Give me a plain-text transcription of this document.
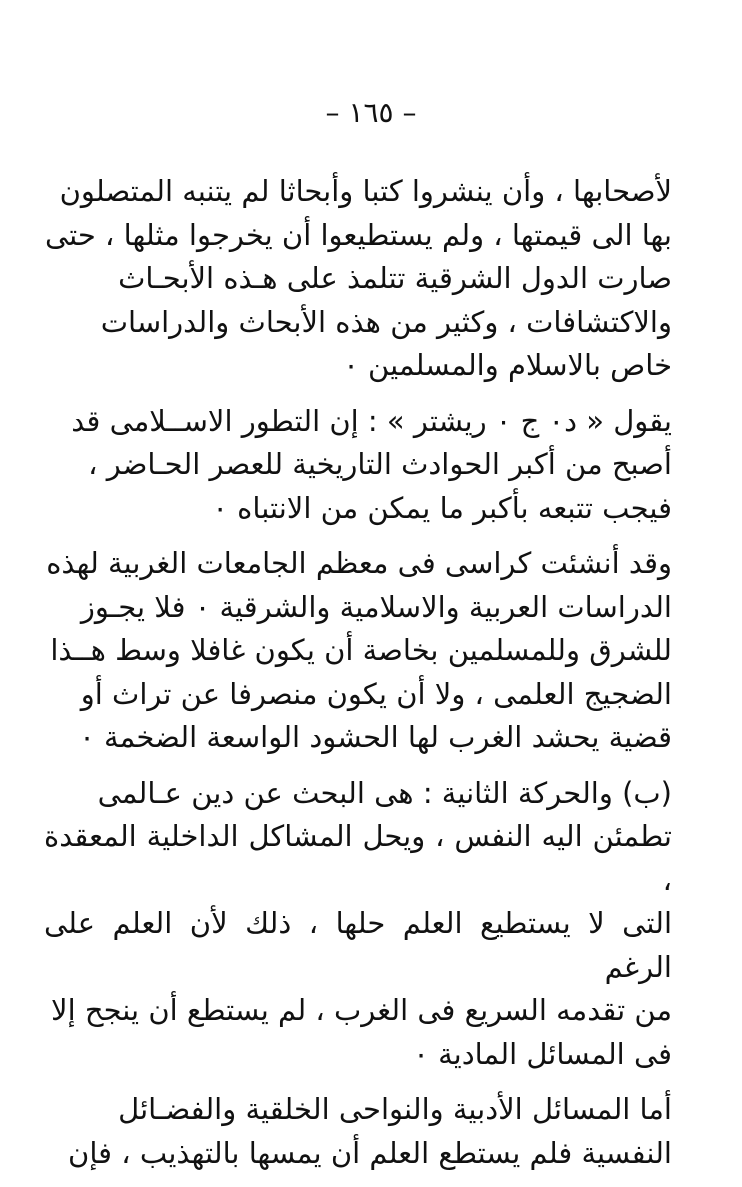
– ١٦٥ –

لأصحابها ، وأن ينشروا كتبا وأبحاثا لم يتنبه المتصلون
بها الى قيمتها ، ولم يستطيعوا أن يخرجوا مثلها ، حتى
صارت الدول الشرقية تتلمذ على هـذه الأبحـاث
والاكتشافات ، وكثير من هذه الأبحاث والدراسات
خاص بالاسلام والمسلمين ٠

يقول « د٠ ج ٠ ريشتر » : إن التطور الاســلامى قد
أصبح من أكبر الحوادث التاريخية للعصر الحـاضر ،
فيجب تتبعه بأكبر ما يمكن من الانتباه ٠

وقد أنشئت كراسى فى معظم الجامعات الغربية لهذه
الدراسات العربية والاسلامية والشرقية ٠ فلا يجـوز
للشرق وللمسلمين بخاصة أن يكون غافلا وسط هــذا
الضجيج العلمى ، ولا أن يكون منصرفا عن تراث أو
قضية يحشد الغرب لها الحشود الواسعة الضخمة ٠

(ب) والحركة الثانية : هى البحث عن دين عـالمى
تطمئن اليه النفس ، ويحل المشاكل الداخلية المعقدة ،
التى لا يستطيع العلم حلها ، ذلك لأن العلم على الرغم
من تقدمه السريع فى الغرب ، لم يستطع أن ينجح إلا
فى المسائل المادية ٠

أما المسائل الأدبية والنواحى الخلقية والفضـائل
النفسية فلم يستطع العلم أن يمسها بالتهذيب ، فإن
